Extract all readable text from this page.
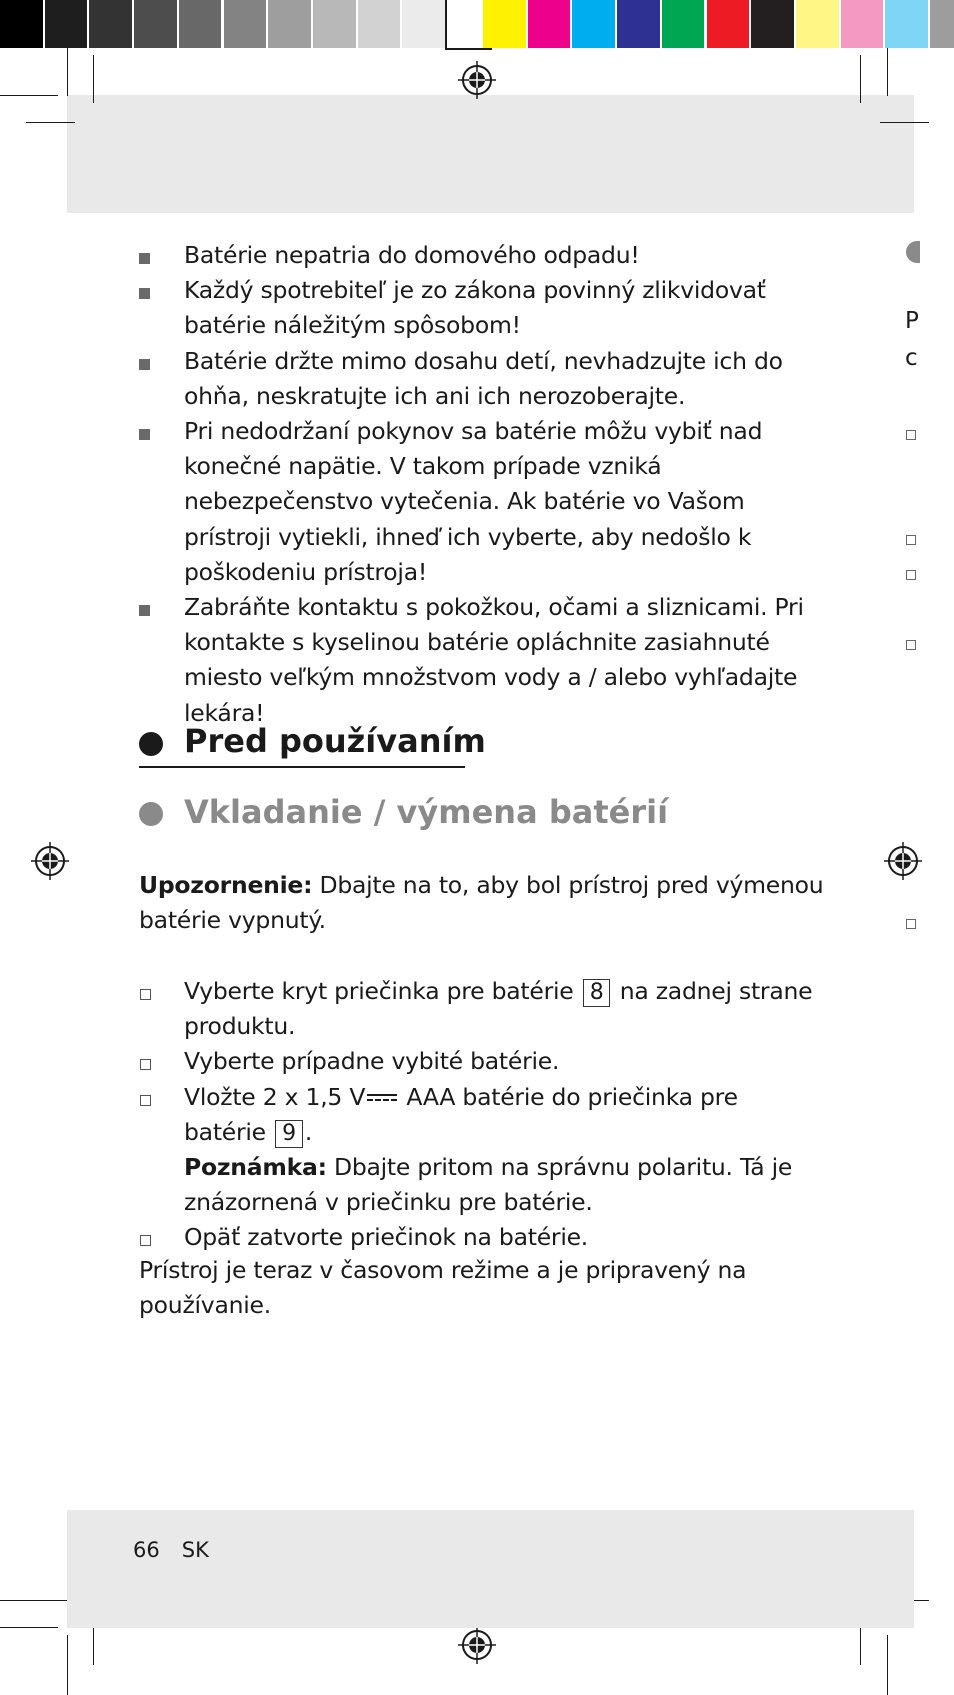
Batérie nepatria do domového odpadu!
Každý spotrebiteľ je zo zákona povinný zlikvidovať batérie náležitým spôsobom!
Batérie držte mimo dosahu detí, nevhadzujte ich do ohňa, neskratujte ich ani ich nerozoberajte.
Pri nedodržaní pokynov sa batérie môžu vybiť nad konečné napätie. V takom prípade vzniká nebezpečenstvo vytečenia. Ak batérie vo Vašom prístroji vytiekli, ihneď ich vyberte, aby nedošlo k poškodeniu prístroja!
Zabráňte kontaktu s pokožkou, očami a sliznicami. Pri kontakte s kyselinou batérie opláchnite zasiahnuté miesto veľkým množstvom vody a / alebo vyhľadajte lekára!
Pred používaním
Vkladanie / výmena batérií
Upozornenie: Dbajte na to, aby bol prístroj pred výmenou batérie vypnutý.
Vyberte kryt priečinka pre batérie 8 na zadnej strane produktu.
Vyberte prípadne vybité batérie.
Vložte 2 x 1,5 V AAA batérie do priečinka pre batérie 9 .
Poznámka: Dbajte pritom na správnu polaritu. Tá je znázornená v priečinku pre batérie.
Opäť zatvorte priečinok na batérie.
Prístroj je teraz v časovom režime a je pripravený na používanie.
66 SK
P
c
